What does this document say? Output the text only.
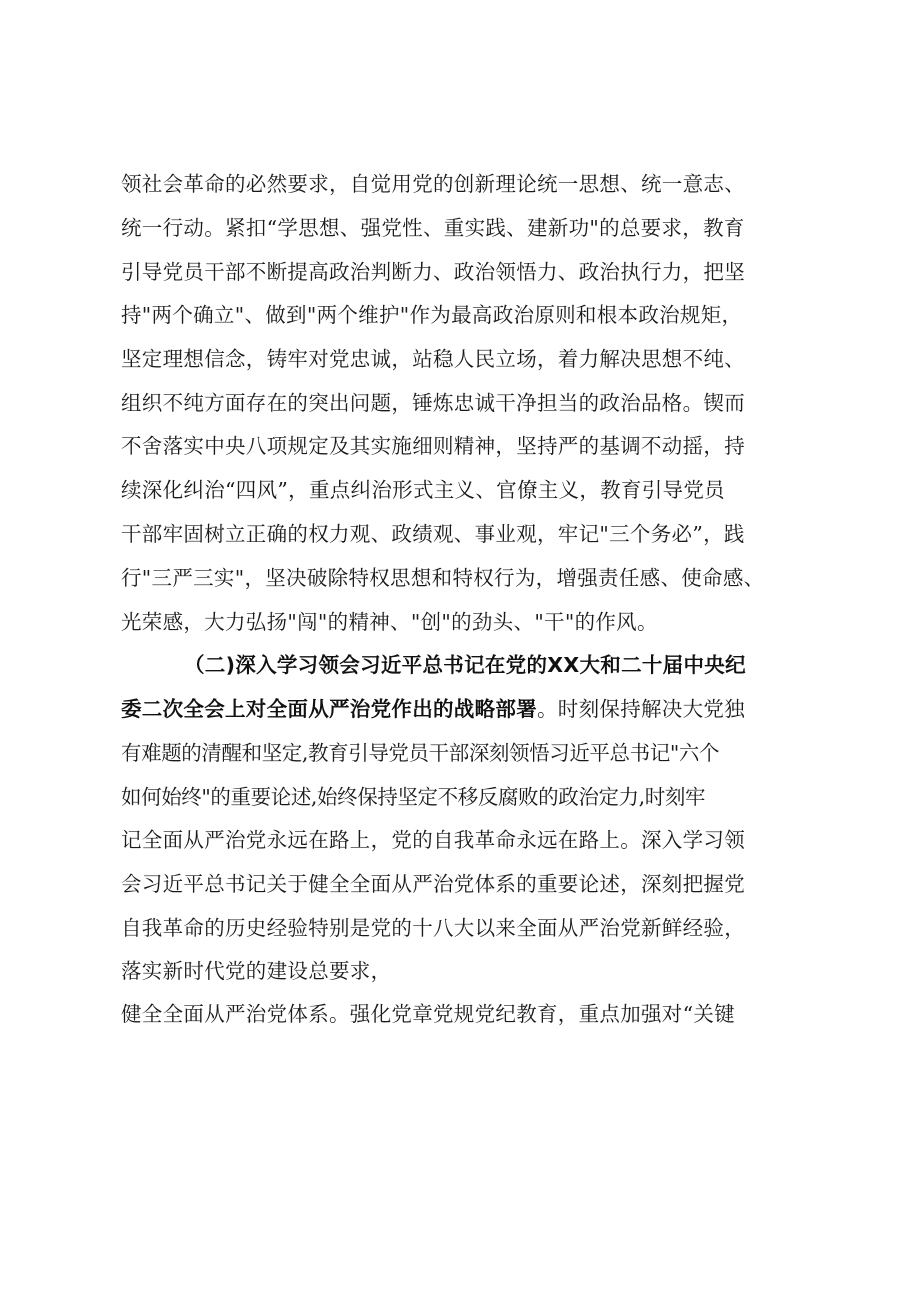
领社会革命的必然要求，自觉用党的创新理论统一思想、统一意志、
统一行动。紧扣“学思想、强党性、重实践、建新功"的总要求，教育
引导党员干部不断提高政治判断力、政治领悟力、政治执行力，把坚
持"两个确立"、做到"两个维护"作为最高政治原则和根本政治规矩，
坚定理想信念，铸牢对党忠诚，站稳人民立场，着力解决思想不纯、
组织不纯方面存在的突出问题，锤炼忠诚干净担当的政治品格。锲而
不舍落实中央八项规定及其实施细则精神，坚持严的基调不动摇，持
续深化纠治“四风”，重点纠治形式主义、官僚主义，教育引导党员
干部牢固树立正确的权力观、政绩观、事业观，牢记"三个务必”，践
行"三严三实"，坚决破除特权思想和特权行为，增强责任感、使命感、
光荣感，大力弘扬"闯"的精神、"创"的劲头、"干"的作风。
（二)深入学习领会习近平总书记在党的XX大和二十届中央纪
委二次全会上对全面从严治党作出的战略部署。时刻保持解决大党独
有难题的清醒和坚定,教育引导党员干部深刻领悟习近平总书记"六个
如何始终"的重要论述,始终保持坚定不移反腐败的政治定力,时刻牢
记全面从严治党永远在路上，党的自我革命永远在路上。深入学习领
会习近平总书记关于健全全面从严治党体系的重要论述，深刻把握党
自我革命的历史经验特别是党的十八大以来全面从严治党新鲜经验，
落实新时代党的建设总要求，
健全全面从严治党体系。强化党章党规党纪教育，重点加强对“关键
